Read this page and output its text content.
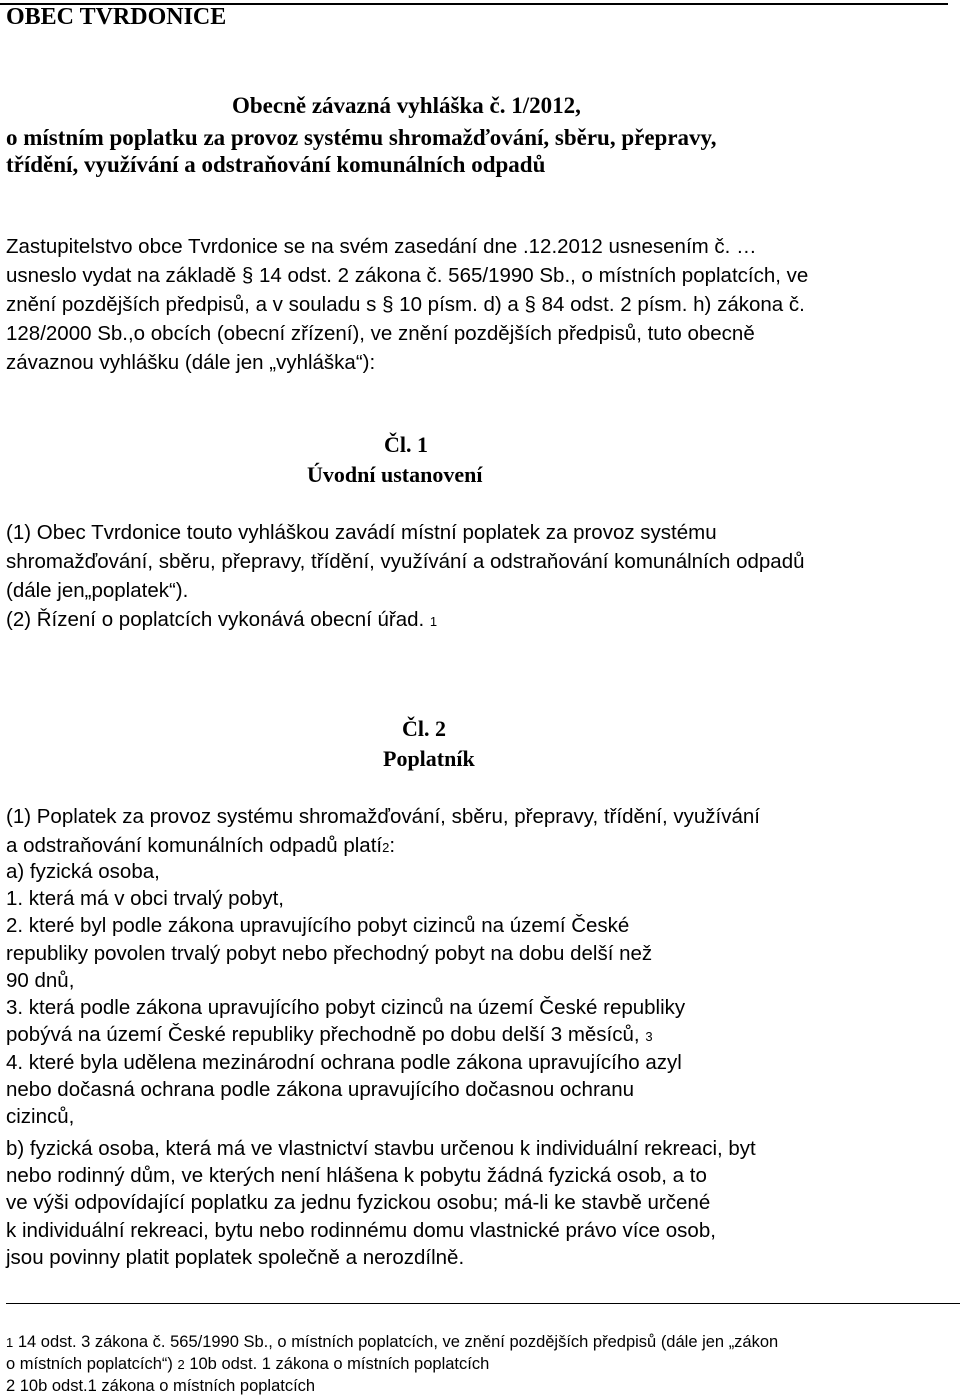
OBEC TVRDONICE
Obecně závazná vyhláška č. 1/2012,
o místním poplatku za provoz systému shromažďování, sběru, přepravy,
třídění, využívání a odstraňování komunálních odpadů
Zastupitelstvo obce Tvrdonice se na svém zasedání dne .12.2012 usnesením č. …
usneslo vydat na základě § 14 odst. 2 zákona č. 565/1990 Sb., o místních poplatcích, ve
znění pozdějších předpisů, a v souladu s § 10 písm. d) a § 84 odst. 2 písm. h) zákona č.
128/2000 Sb.,o obcích (obecní zřízení), ve znění pozdějších předpisů, tuto obecně
závaznou vyhlášku (dále jen „vyhláška“):
Čl. 1
Úvodní ustanovení
(1) Obec Tvrdonice touto vyhláškou zavádí místní poplatek za provoz systému
shromažďování, sběru, přepravy, třídění, využívání a odstraňování komunálních odpadů
(dále jen„poplatek“).
(2) Řízení o poplatcích vykonává obecní úřad. 1
Čl. 2
Poplatník
(1) Poplatek za provoz systému shromažďování, sběru, přepravy, třídění, využívání
a odstraňování komunálních odpadů platí2:
a) fyzická osoba,
1. která má v obci trvalý pobyt,
2. které byl podle zákona upravujícího pobyt cizinců na území České
republiky povolen trvalý pobyt nebo přechodný pobyt na dobu delší než
90 dnů,
3. která podle zákona upravujícího pobyt cizinců na území České republiky
pobývá na území České republiky přechodně po dobu delší 3 měsíců, 3
4. které byla udělena mezinárodní ochrana podle zákona upravujícího azyl
nebo dočasná ochrana podle zákona upravujícího dočasnou ochranu
cizinců,
b) fyzická osoba, která má ve vlastnictví stavbu určenou k individuální rekreaci, byt
nebo rodinný dům, ve kterých není hlášena k pobytu žádná fyzická osob, a to
ve výši odpovídající poplatku za jednu fyzickou osobu; má-li ke stavbě určené
k individuální rekreaci, bytu nebo rodinnému domu vlastnické právo více osob,
jsou povinny platit poplatek společně a nerozdílně.
1 14 odst. 3 zákona č. 565/1990 Sb., o místních poplatcích, ve znění pozdějších předpisů (dále jen „zákon
o místních poplatcích“) 2 10b odst. 1 zákona o místních poplatcích
2 10b odst.1 zákona o místních poplatcích
